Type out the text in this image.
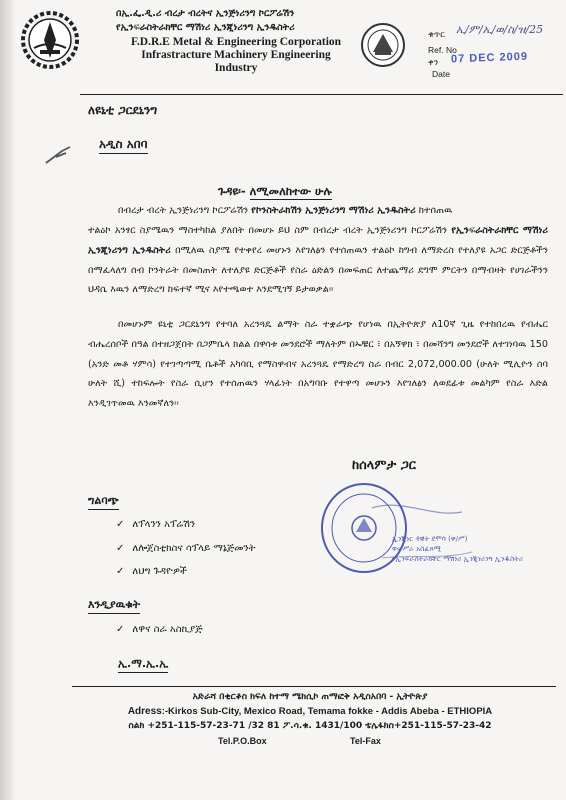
በኢ.ፌ.ዲ.ሪ ብረታ ብረትና ኢንጅነሪንግ ኮርፖሬሽን
የኢንፍራስትራክቸር ማሽነሪ ኢንጂነሪንግ ኢንዱስትሪ
F.D.R.E Metal & Engineering Corporation
Infrastracture Machinery Engineering
Industry
ቁጥር ኢ/ም/ኢ/ወ/ስ/ዝ/25
Ref. No
ቀን
Date
07 DEC 2009
ለዩኒቲ ጋርደኒንግ
አዲስ አበባ
ጉዳዩ፡- ለሚመለከተው ሁሉ
በብረታ ብረት ኢንጅነሪንግ ኮርፖሬሽን የኮንስትራክሽን ኢንጅነሪንግ ማሽነሪ ኢንዱስትሪ ከተሰጠዉ
ተልዕኮ አንፃር ስያሜዉን ማስተካከል ያለበት በመሆኑ ይህ ስም በብረታ ብረት ኢንጅነሪንግ ኮርፖሬሽን የኢንፍራስትራክቸር ማሽነሪ ኢንጂነሪንግ ኢንዱስትሪ በሚለዉ ስያሜ የተቀየረ መሆኑን እየገለፅን የተሰጠዉን ተልዕኮ ከግብ ለማድረስ የተለያዩ አጋር ድርጅቶችን በማፈላለግ ሰብ ኮንትራት በመስጠት ለተለያዩ ድርጅቶች የስራ ዕድልን በመፍጠር ለተጨማሪ ደግሞ ምርትን በማብዛት የሀገራችንን ህዳሴ እዉን ለማድረግ ከፍተኛ ሚና እየተጫወተ እንደሚገኝ ይታወቃል፡፡
በመሆኑም ዩኒቲ ጋርደኒንግ የተባለ አረንጓዴ ልማት ስራ ተቋራጭ የሆነዉ በኢትዮጵያ ለ10ኛ ጊዜ የተከበረዉ የብሔር ብሔረሰቦች በዓል በተዘጋጀበት በጋምቤላ ክልል በዋሳቱ መንደሮች ማለትም በኡቹር ፣ በአኝዋክ ፣ በመሻንግ መንደሮች ለተገነባዉ 150 (አንድ መቶ ሃምሳ) የተገጣጣሚ ቤቶች አካባቢ የማስዋብና አረንጓዴ የማድረግ ስራ በብር 2,072,000.00 (ሁለት ሚሊዮን ሰባ ሁለት ሺ) ተከፍሎት የስራ ሲሆን የተሰጠዉን ሃላፊነት በአግባቡ የተዋጣ መሆኑን እየገለፅን ለወደፊቱ መልካም የስራ እድል እንዲገጥመዉ እንመኛለን፡፡
ኢንጂነር ዳዊት ደሞሳ (ዋ/ሥ)
ዋና ሥራ አስፈጻሚ
የኢንፍራስትራክቸር ማሽነሪ ኢንጂነሪንግ ኢንዱስትሪ
ከሰላምታ ጋር
ግልባጭ
✓ ለፕላንን አፕሬሽን
✓ ለሎጀስቲክስና ሳፕላይ ማኔጅመንት
✓ ለህግ ጉዳዮዎች
እንዲያዉቁት
✓ ለዋና ስራ አስኪያጅ
ኢ.ማ.ኢ.ኢ
አድራሻ በቂርቆስ ክፍለ ከተማ ሜክሲኮ ጠማፎቅ አዲስአበባ - ኢትዮጵያ
Adress:-Kirkos Sub-City, Mexico Road, Temama fokke - Addis Abeba - ETHIOPIA
ስልክ +251-115-57-23-71 /32 81 ፖ.ሳ.ቁ. 1431/100 ቴሌፋክስ+251-115-57-23-42
Tel.P.O.Box	Tel-Fax
